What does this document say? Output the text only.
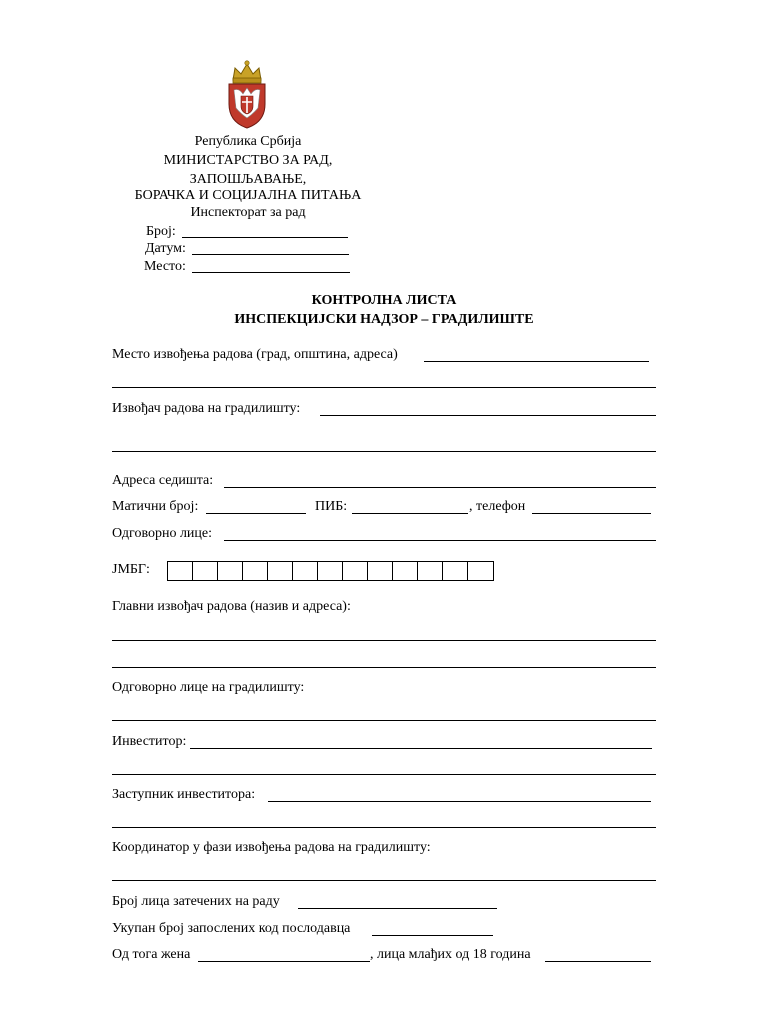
Република Србија
МИНИСТАРСТВО ЗА РАД,
ЗАПОШЉАВАЊЕ,
БОРАЧКА И СОЦИЈАЛНА ПИТАЊА
Инспекторат за рад
Број:
Датум:
Место:
КОНТРОЛНА ЛИСТА
ИНСПЕКЦИЈСКИ НАДЗОР – ГРАДИЛИШТЕ
Место извођења радова (град, општина, адреса)
Извођач радова на градилишту:
Адреса седишта:
Матични број:	ПИБ:	, телефон
Одговорно лице:
ЈМБГ:
Главни извођач радова (назив и адреса):
Одговорно лице на градилишту:
Инвеститор:
Заступник инвеститора:
Координатор у фази извођења радова на градилишту:
Број лица затечених на раду
Укупан број запослених код послодавца
Од тога жена	, лица млађих од 18 година
